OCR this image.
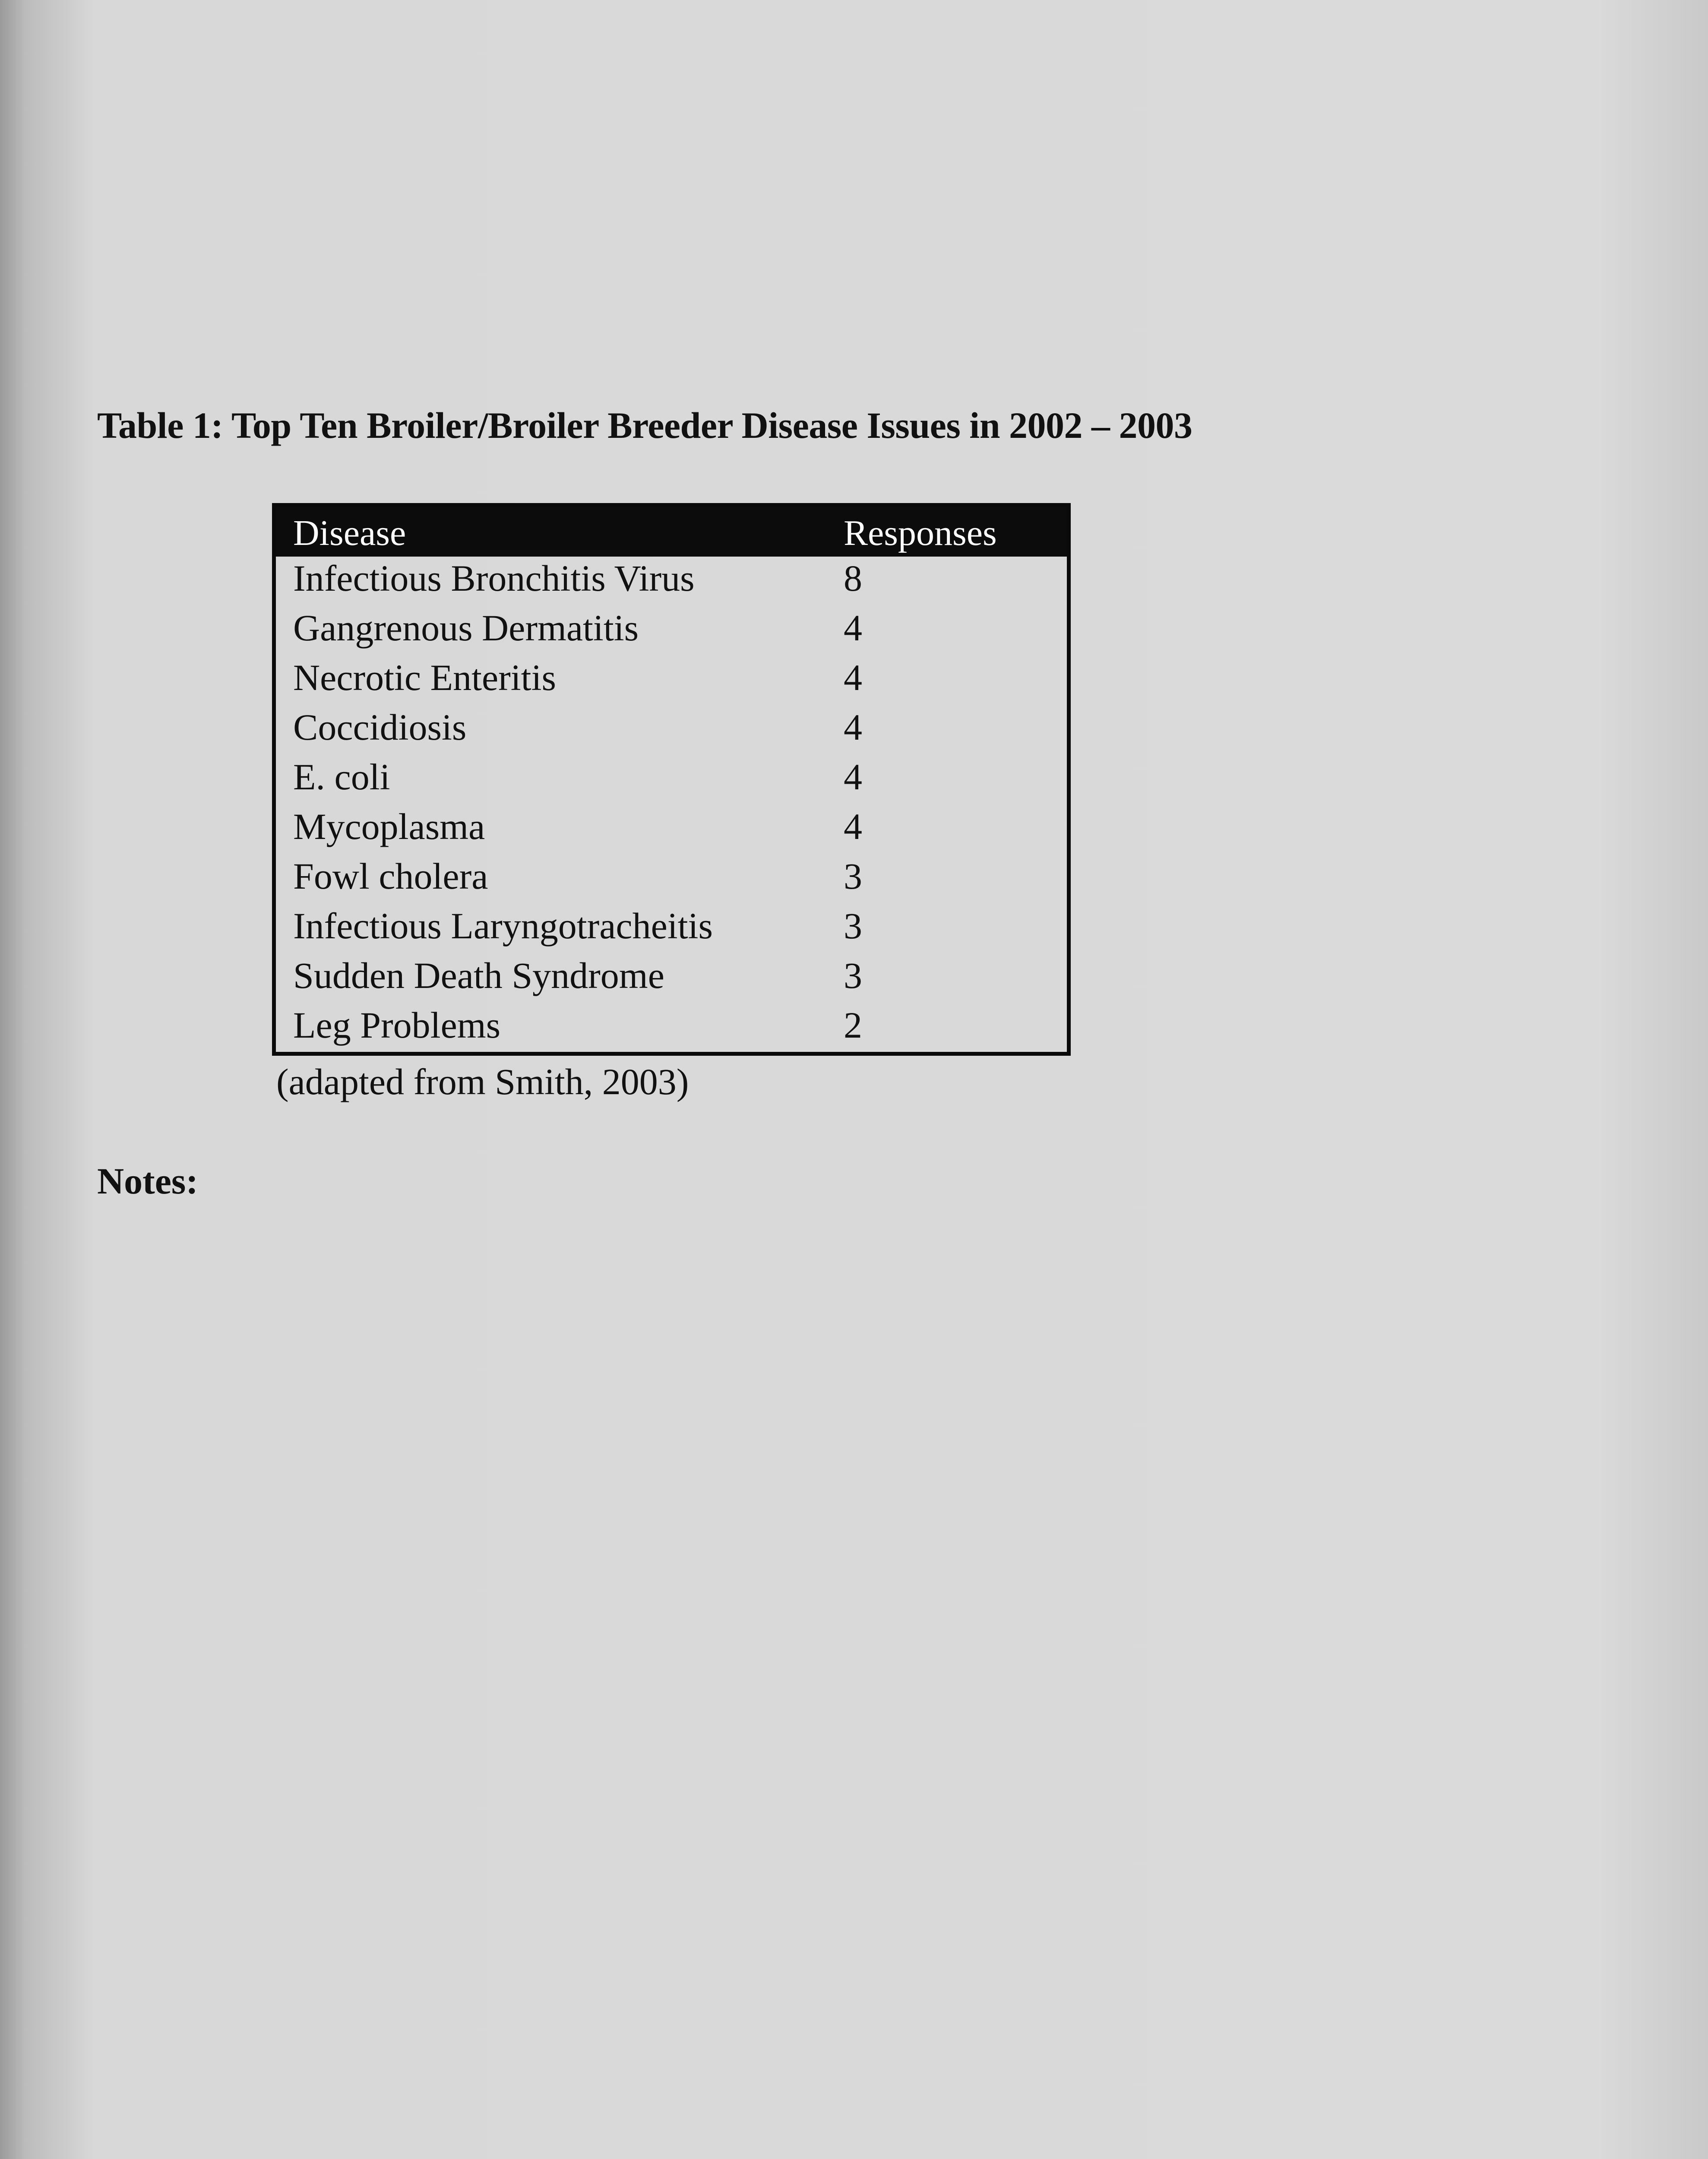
Table 1: Top Ten Broiler/Broiler Breeder Disease Issues in 2002 – 2003
Disease	Responses
Infectious Bronchitis Virus	8
Gangrenous Dermatitis	4
Necrotic Enteritis	4
Coccidiosis	4
E. coli	4
Mycoplasma	4
Fowl cholera	3
Infectious Laryngotracheitis	3
Sudden Death Syndrome	3
Leg Problems	2
(adapted from Smith, 2003)
Notes:
